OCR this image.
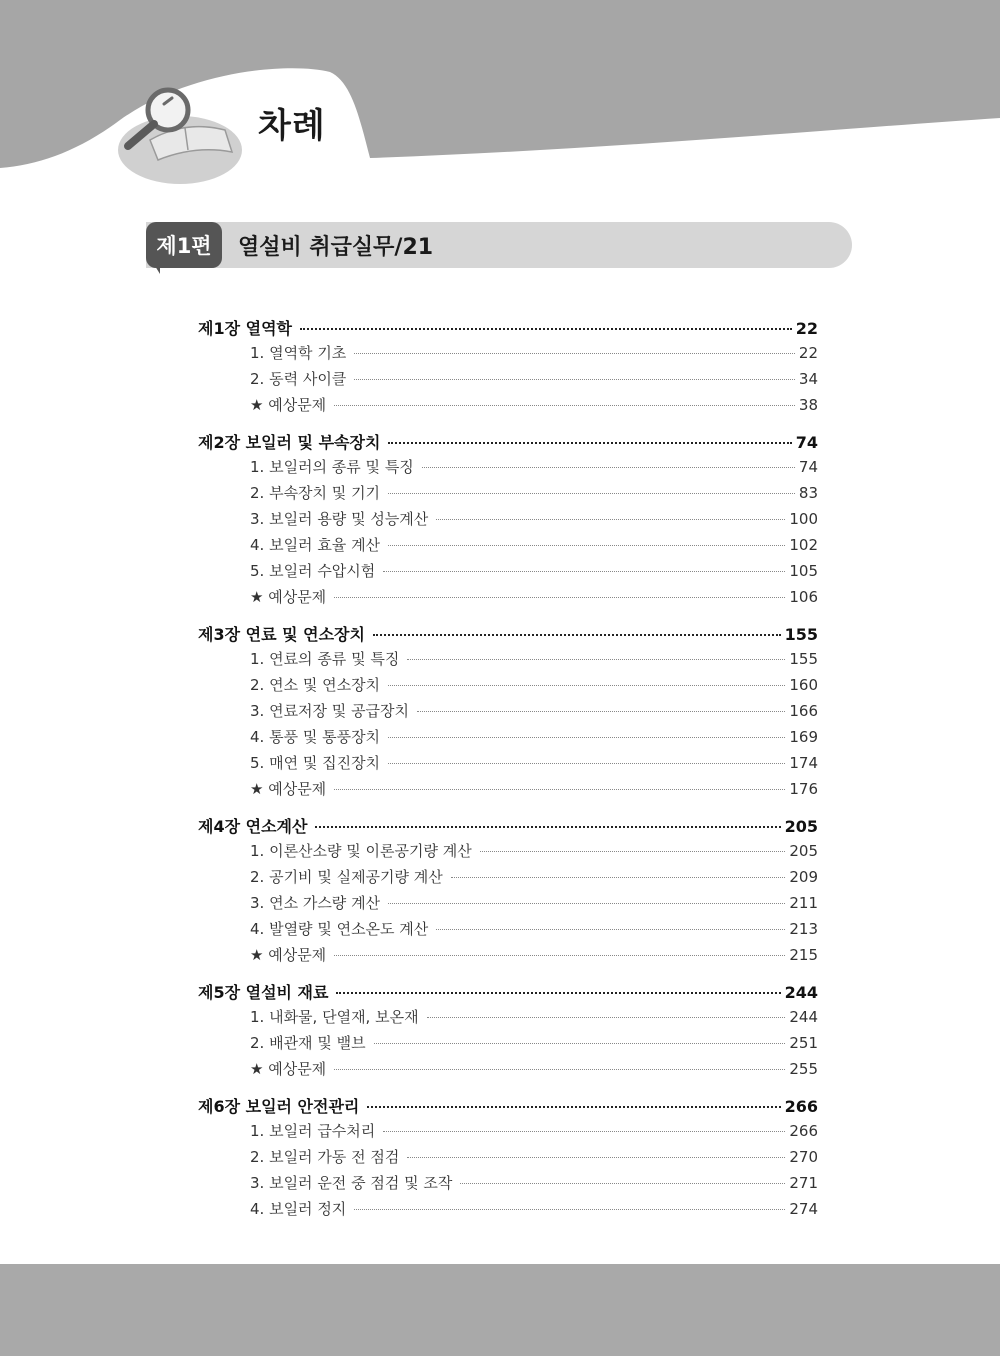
차례
제1편	열설비 취급실무/21
제1장 열역학	22
1. 열역학 기초	22
2. 동력 사이클	34
★ 예상문제	38
제2장 보일러 및 부속장치	74
1. 보일러의 종류 및 특징	74
2. 부속장치 및 기기	83
3. 보일러 용량 및 성능계산	100
4. 보일러 효율 계산	102
5. 보일러 수압시험	105
★ 예상문제	106
제3장 연료 및 연소장치	155
1. 연료의 종류 및 특징	155
2. 연소 및 연소장치	160
3. 연료저장 및 공급장치	166
4. 통풍 및 통풍장치	169
5. 매연 및 집진장치	174
★ 예상문제	176
제4장 연소계산	205
1. 이론산소량 및 이론공기량 계산	205
2. 공기비 및 실제공기량 계산	209
3. 연소 가스량 계산	211
4. 발열량 및 연소온도 계산	213
★ 예상문제	215
제5장 열설비 재료	244
1. 내화물, 단열재, 보온재	244
2. 배관재 및 밸브	251
★ 예상문제	255
제6장 보일러 안전관리	266
1. 보일러 급수처리	266
2. 보일러 가동 전 점검	270
3. 보일러 운전 중 점검 및 조작	271
4. 보일러 정지	274
